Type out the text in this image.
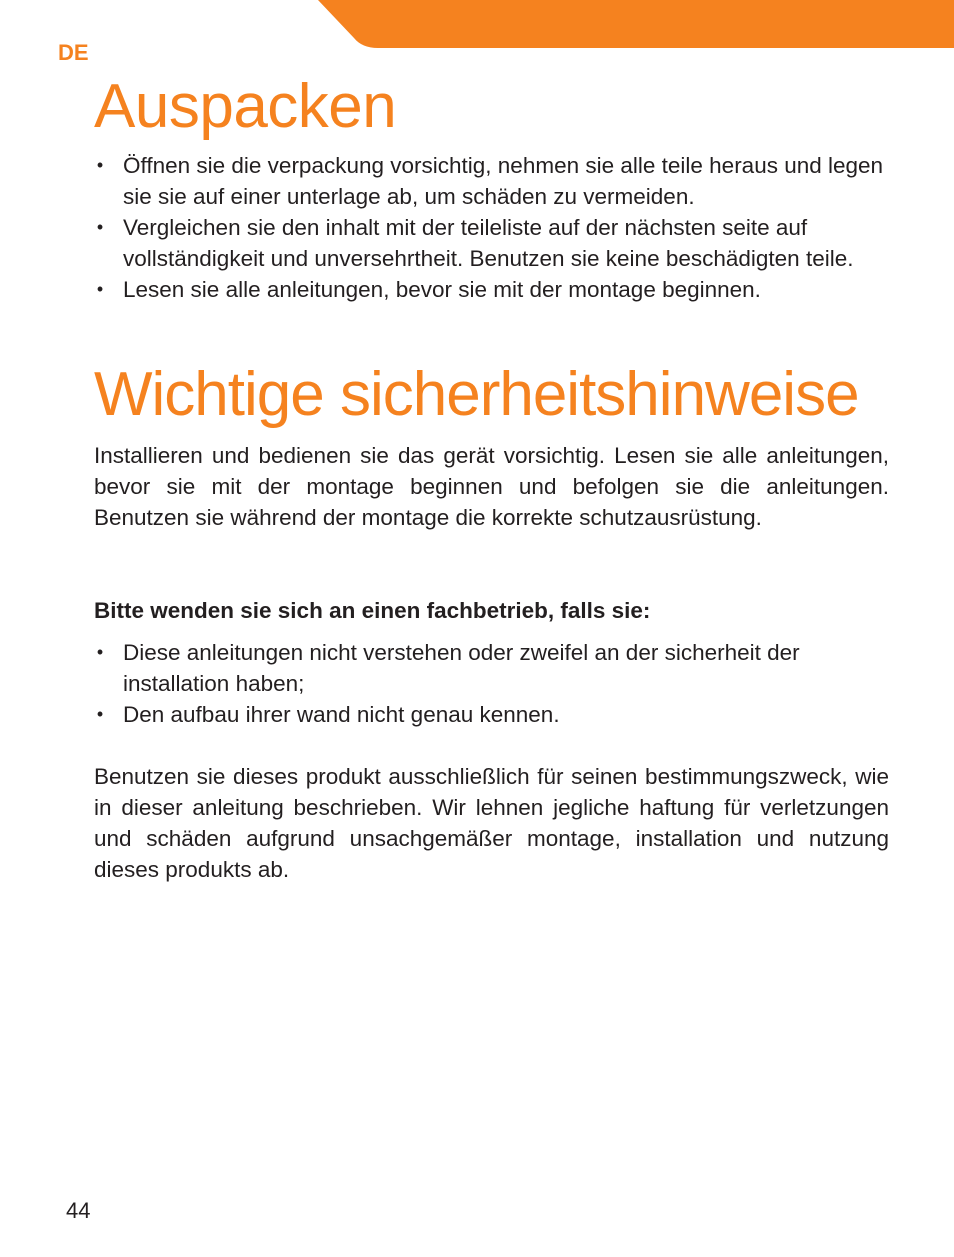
DE
Auspacken
• Öffnen sie die verpackung vorsichtig, nehmen sie alle teile heraus und legen sie sie auf einer unterlage ab, um schäden zu vermeiden.
• Vergleichen sie den inhalt mit der teileliste auf der nächsten seite auf vollständigkeit und unversehrtheit. Benutzen sie keine beschädigten teile.
• Lesen sie alle anleitungen, bevor sie mit der montage beginnen.
Wichtige sicherheitshinweise

Installieren und bedienen sie das gerät vorsichtig. Lesen sie alle anleitungen, bevor sie mit der montage beginnen und befolgen sie die anleitungen. Benutzen sie während der montage die korrekte schutzausrüstung.

Bitte wenden sie sich an einen fachbetrieb, falls sie:

• Diese anleitungen nicht verstehen oder zweifel an der sicherheit der installation haben;
• Den aufbau ihrer wand nicht genau kennen.

Benutzen sie dieses produkt ausschließlich für seinen bestimmungszweck, wie in dieser anleitung beschrieben. Wir lehnen jegliche haftung für verletzungen und schäden aufgrund unsachgemäßer montage, installation und nutzung dieses produkts ab.

44
